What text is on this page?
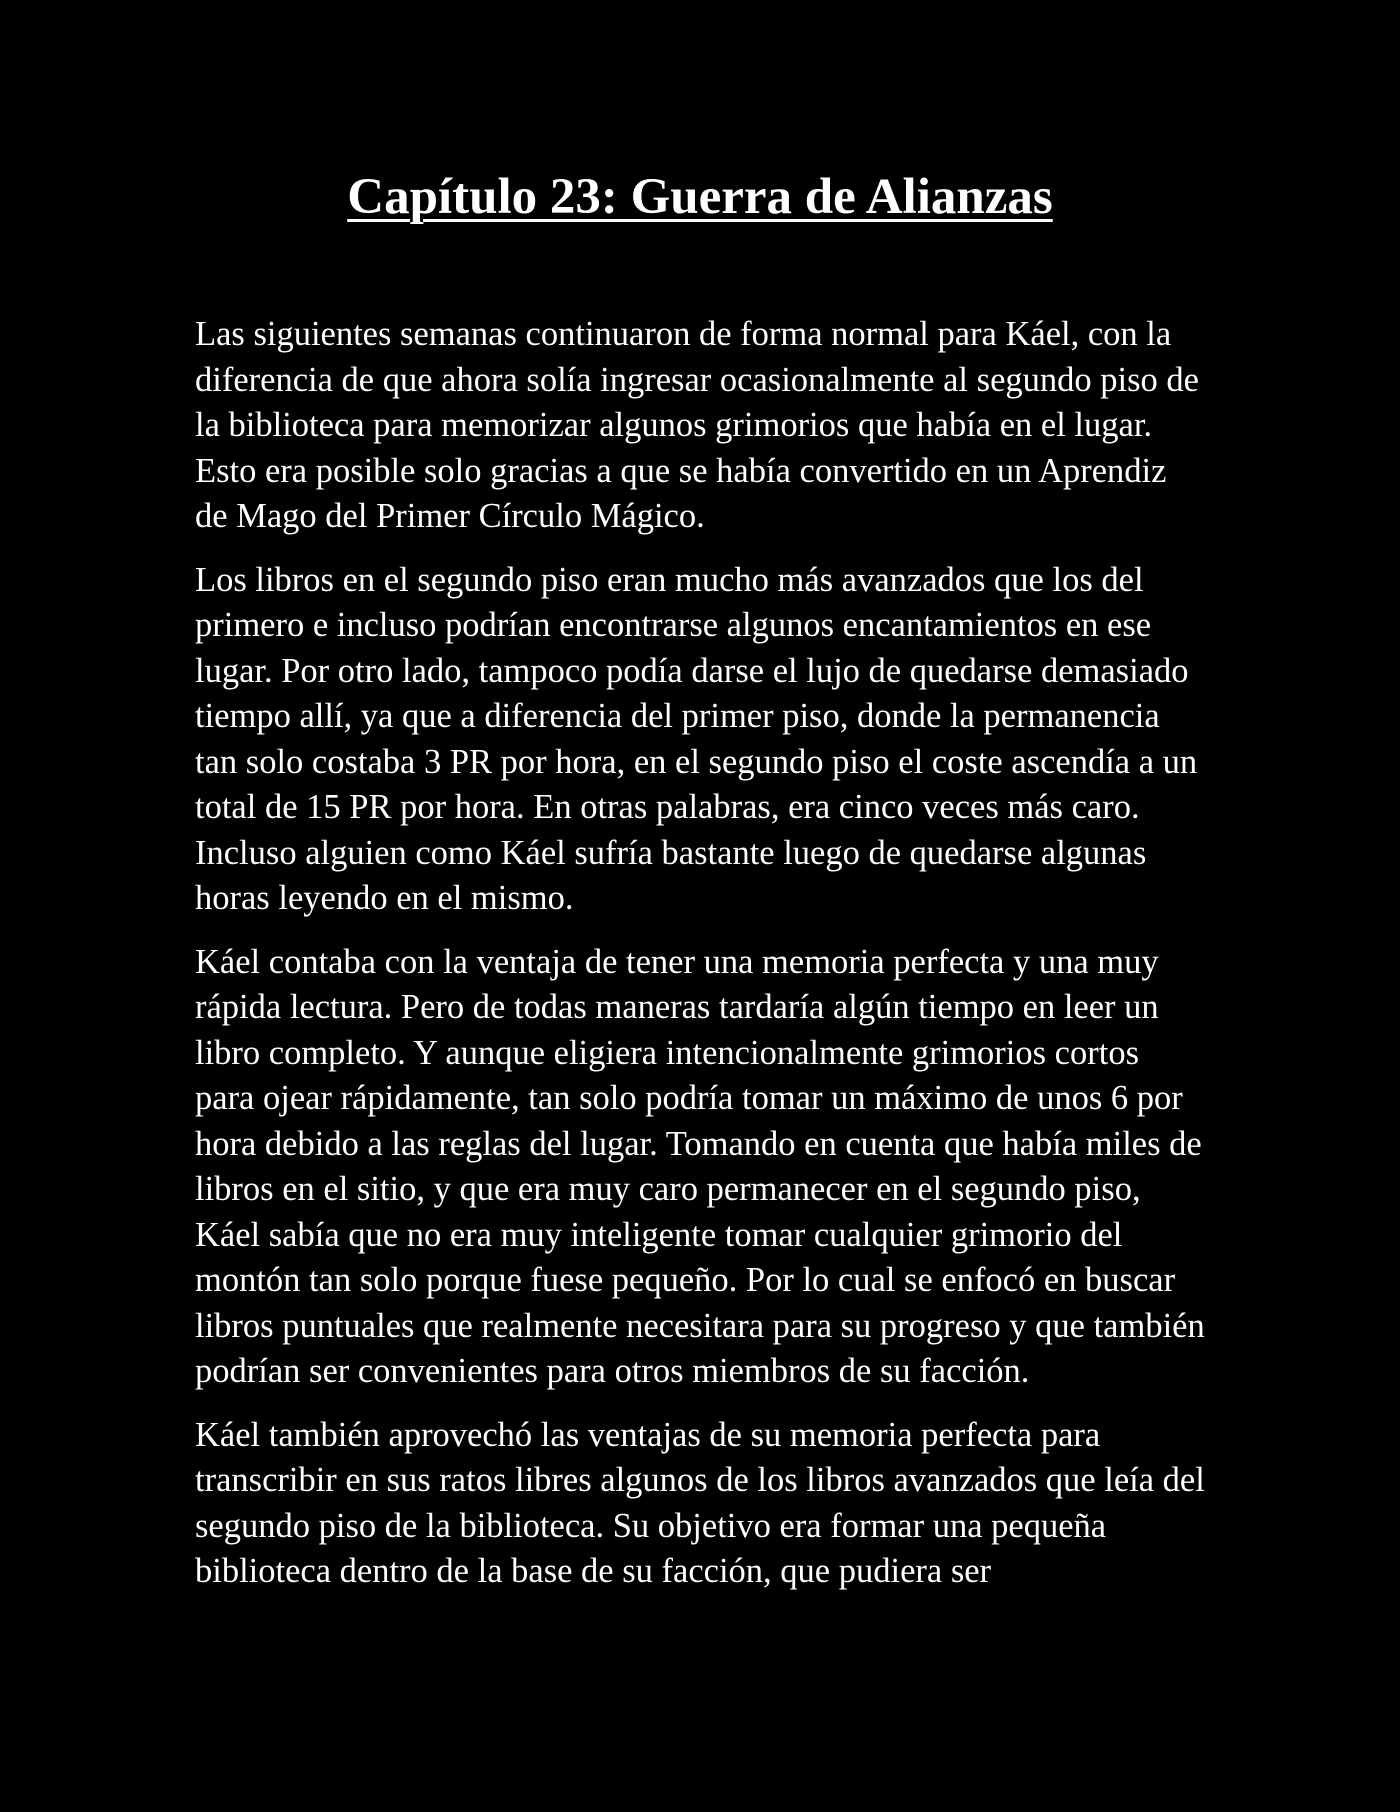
Capítulo 23: Guerra de Alianzas

Las siguientes semanas continuaron de forma normal para Káel, con la diferencia de que ahora solía ingresar ocasionalmente al segundo piso de la biblioteca para memorizar algunos grimorios que había en el lugar. Esto era posible solo gracias a que se había convertido en un Aprendiz de Mago del Primer Círculo Mágico.

Los libros en el segundo piso eran mucho más avanzados que los del primero e incluso podrían encontrarse algunos encantamientos en ese lugar. Por otro lado, tampoco podía darse el lujo de quedarse demasiado tiempo allí, ya que a diferencia del primer piso, donde la permanencia tan solo costaba 3 PR por hora, en el segundo piso el coste ascendía a un total de 15 PR por hora. En otras palabras, era cinco veces más caro. Incluso alguien como Káel sufría bastante luego de quedarse algunas horas leyendo en el mismo.

Káel contaba con la ventaja de tener una memoria perfecta y una muy rápida lectura. Pero de todas maneras tardaría algún tiempo en leer un libro completo. Y aunque eligiera intencionalmente grimorios cortos para ojear rápidamente, tan solo podría tomar un máximo de unos 6 por hora debido a las reglas del lugar. Tomando en cuenta que había miles de libros en el sitio, y que era muy caro permanecer en el segundo piso, Káel sabía que no era muy inteligente tomar cualquier grimorio del montón tan solo porque fuese pequeño. Por lo cual se enfocó en buscar libros puntuales que realmente necesitara para su progreso y que también podrían ser convenientes para otros miembros de su facción.

Káel también aprovechó las ventajas de su memoria perfecta para transcribir en sus ratos libres algunos de los libros avanzados que leía del segundo piso de la biblioteca. Su objetivo era formar una pequeña biblioteca dentro de la base de su facción, que pudiera ser
